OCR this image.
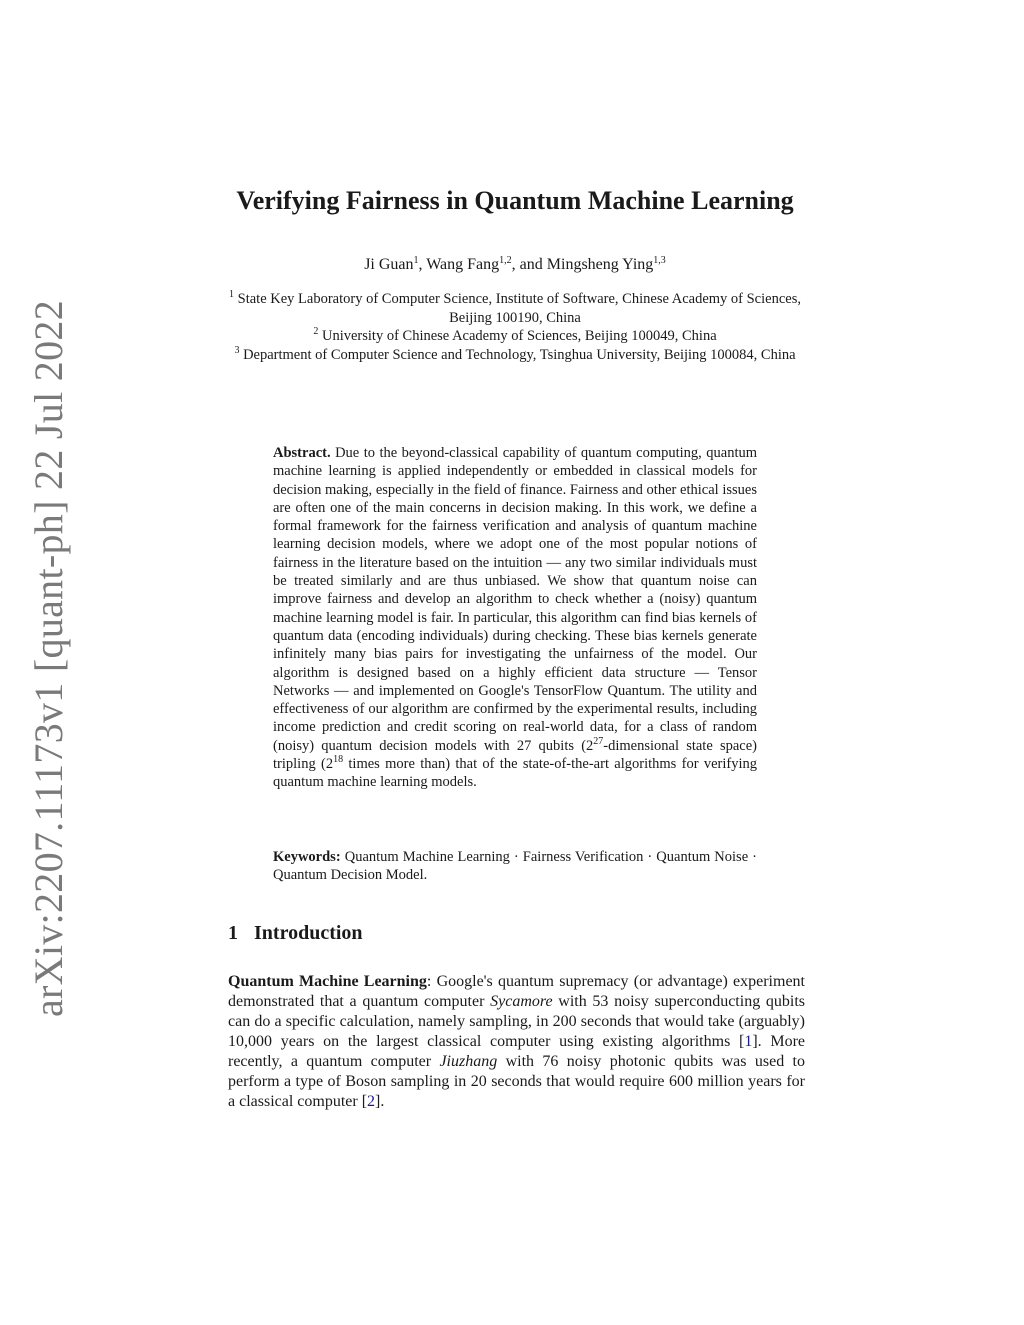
arXiv:2207.11173v1 [quant-ph] 22 Jul 2022
Verifying Fairness in Quantum Machine Learning
Ji Guan$^1$, Wang Fang$^{1,2}$, and Mingsheng Ying$^{1,3}$

$^1$ State Key Laboratory of Computer Science, Institute of Software, Chinese Academy of Sciences, Beijing 100190, China

$^2$ University of Chinese Academy of Sciences, Beijing 100049, China

$^3$ Department of Computer Science and Technology, Tsinghua University, Beijing 100084, China

Abstract. Due to the beyond-classical capability of quantum computing, quantum machine learning is applied independently or embedded in classical models for decision making, especially in the field of finance. Fairness and other ethical issues are often one of the main concerns in decision making. In this work, we define a formal framework for the fairness verification and analysis of quantum machine learning decision models, where we adopt one of the most popular notions of fairness in the literature based on the intuition — any two similar individuals must be treated similarly and are thus unbiased. We show that quantum noise can improve fairness and develop an algorithm to check whether a (noisy) quantum machine learning model is fair. In particular, this algorithm can find bias kernels of quantum data (encoding individuals) during checking. These bias kernels generate infinitely many bias pairs for investigating the unfairness of the model. Our algorithm is designed based on a highly efficient data structure — Tensor Networks — and implemented on Google's TensorFlow Quantum. The utility and effectiveness of our algorithm are confirmed by the experimental results, including income prediction and credit scoring on real-world data, for a class of random (noisy) quantum decision models with 27 qubits ($2^{27}$-dimensional state space) tripling ($2^{18}$ times more than) that of the state-of-the-art algorithms for verifying quantum machine learning models.

Keywords: Quantum Machine Learning · Fairness Verification · Quantum Noise · Quantum Decision Model.

1 Introduction

Quantum Machine Learning: Google's quantum supremacy (or advantage) experiment demonstrated that a quantum computer Sycamore with 53 noisy superconducting qubits can do a specific calculation, namely sampling, in 200 seconds that would take (arguably) 10,000 years on the largest classical computer using existing algorithms [1]. More recently, a quantum computer Jiuzhang with 76 noisy photonic qubits was used to perform a type of Boson sampling in 20 seconds that would require 600 million years for a classical computer [2].
